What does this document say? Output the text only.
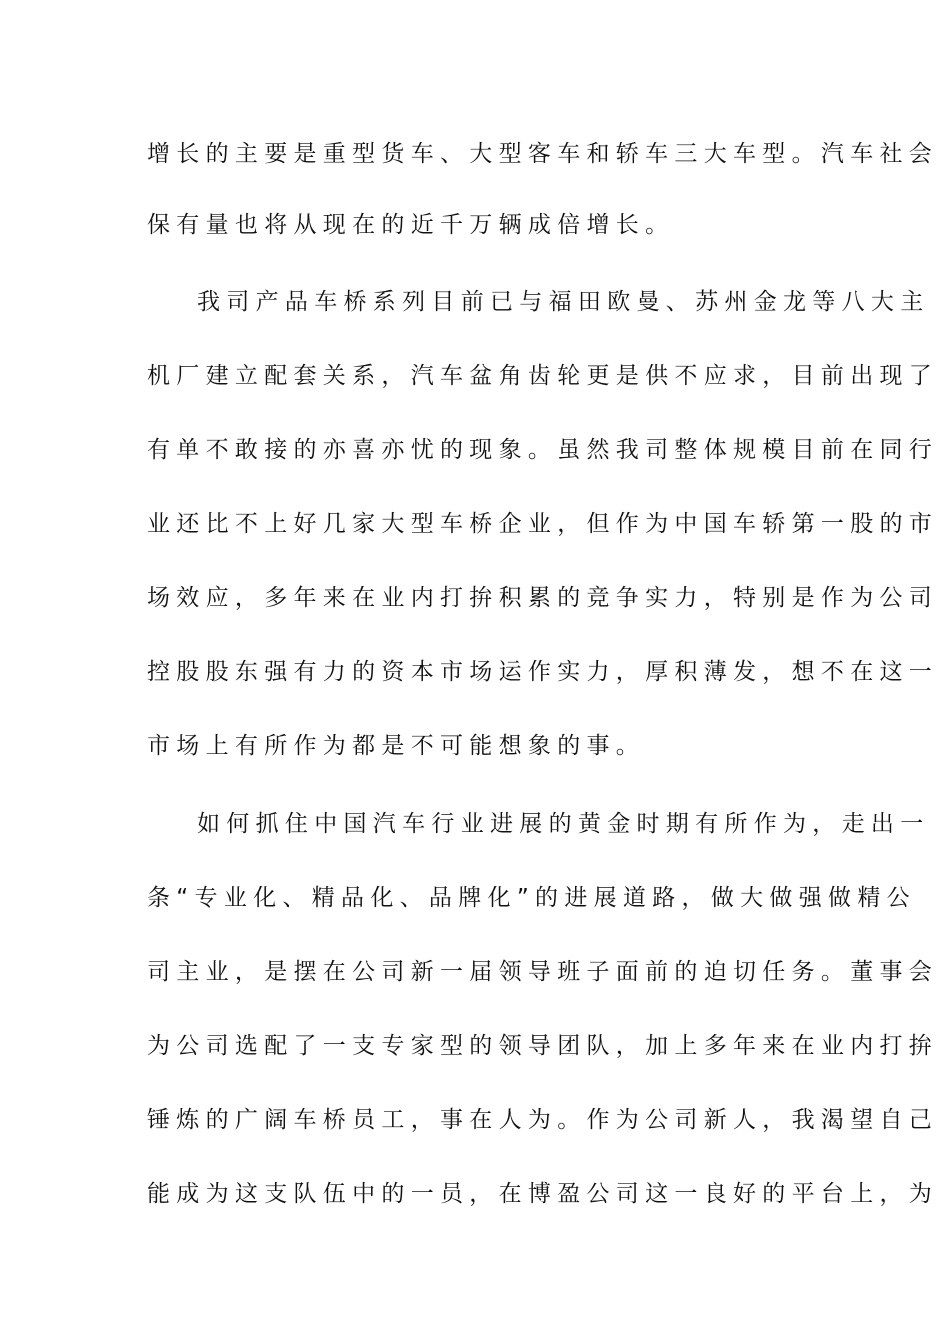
增长的主要是重型货车、大型客车和轿车三大车型。汽车社会
保有量也将从现在的近千万辆成倍增长。
我司产品车桥系列目前已与福田欧曼、苏州金龙等八大主
机厂建立配套关系，汽车盆角齿轮更是供不应求，目前出现了
有单不敢接的亦喜亦忧的现象。虽然我司整体规模目前在同行
业还比不上好几家大型车桥企业，但作为中国车轿第一股的市
场效应，多年来在业内打拚积累的竞争实力，特别是作为公司
控股股东强有力的资本市场运作实力，厚积薄发，想不在这一
市场上有所作为都是不可能想象的事。
如何抓住中国汽车行业进展的黄金时期有所作为，走出一
条“专业化、精品化、品牌化”的进展道路，做大做强做精公
司主业，是摆在公司新一届领导班子面前的迫切任务。董事会
为公司选配了一支专家型的领导团队，加上多年来在业内打拚
锤炼的广阔车桥员工，事在人为。作为公司新人，我渴望自己
能成为这支队伍中的一员，在博盈公司这一良好的平台上，为
